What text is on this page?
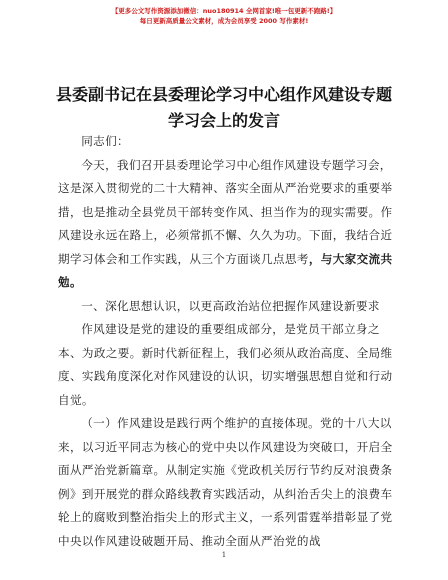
【更多公文写作资源添加微信：nuo180914 全网首家!唯一包更新不跑路!】
每日更新高质量公文素材，成为会员享受 2000 写作素材!
县委副书记在县委理论学习中心组作风建设专题学习会上的发言

同志们：

今天，我们召开县委理论学习中心组作风建设专题学习会，这是深入贯彻党的二十大精神、落实全面从严治党要求的重要举措，也是推动全县党员干部转变作风、担当作为的现实需要。作风建设永远在路上，必须常抓不懈、久久为功。下面，我结合近期学习体会和工作实践，从三个方面谈几点思考，与大家交流共勉。

一、深化思想认识，以更高政治站位把握作风建设新要求

作风建设是党的建设的重要组成部分，是党员干部立身之本、为政之要。新时代新征程上，我们必须从政治高度、全局维度、实践角度深化对作风建设的认识，切实增强思想自觉和行动自觉。

（一）作风建设是践行两个维护的直接体现。党的十八大以来，以习近平同志为核心的党中央以作风建设为突破口，开启全面从严治党新篇章。从制定实施《党政机关厉行节约反对浪费条例》到开展党的群众路线教育实践活动，从纠治舌尖上的浪费车轮上的腐败到整治指尖上的形式主义，一系列雷霆举措彰显了党中央以作风建设破题开局、推动全面从严治党的战

1
